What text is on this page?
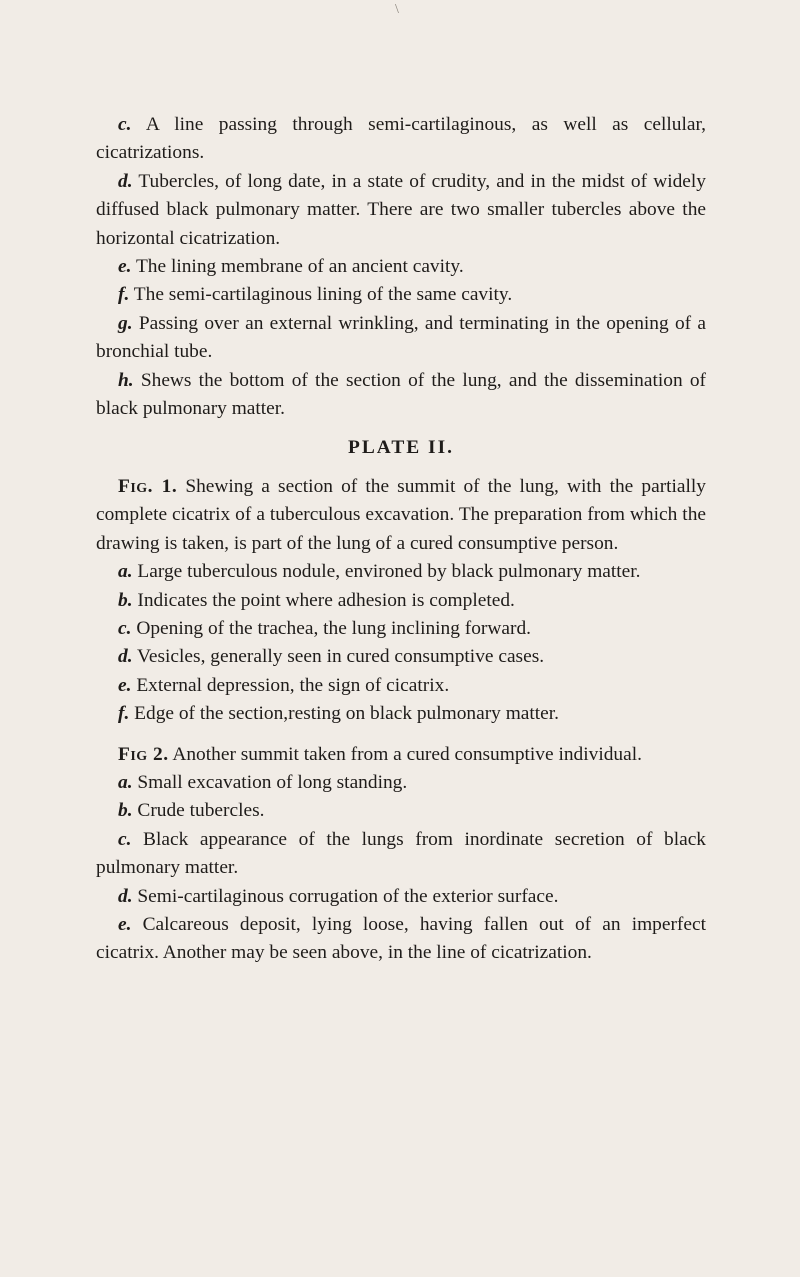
\

c. A line passing through semi-cartilaginous, as well as cellular, cicatrizations.

d. Tubercles, of long date, in a state of crudity, and in the midst of widely diffused black pulmonary matter. There are two smaller tubercles above the horizontal cicatrization.

e. The lining membrane of an ancient cavity.

f. The semi-cartilaginous lining of the same cavity.

g. Passing over an external wrinkling, and terminating in the opening of a bronchial tube.

h. Shews the bottom of the section of the lung, and the dissemination of black pulmonary matter.

PLATE II.

Fig. 1. Shewing a section of the summit of the lung, with the partially complete cicatrix of a tuberculous excavation. The preparation from which the drawing is taken, is part of the lung of a cured consumptive person.

a. Large tuberculous nodule, environed by black pulmonary matter.

b. Indicates the point where adhesion is completed.

c. Opening of the trachea, the lung inclining forward.

d. Vesicles, generally seen in cured consumptive cases.

e. External depression, the sign of cicatrix.

f. Edge of the section,resting on black pulmonary matter.

Fig 2. Another summit taken from a cured consumptive individual.

a. Small excavation of long standing.

b. Crude tubercles.

c. Black appearance of the lungs from inordinate secretion of black pulmonary matter.

d. Semi-cartilaginous corrugation of the exterior surface.

e. Calcareous deposit, lying loose, having fallen out of an imperfect cicatrix. Another may be seen above, in the line of cicatrization.
